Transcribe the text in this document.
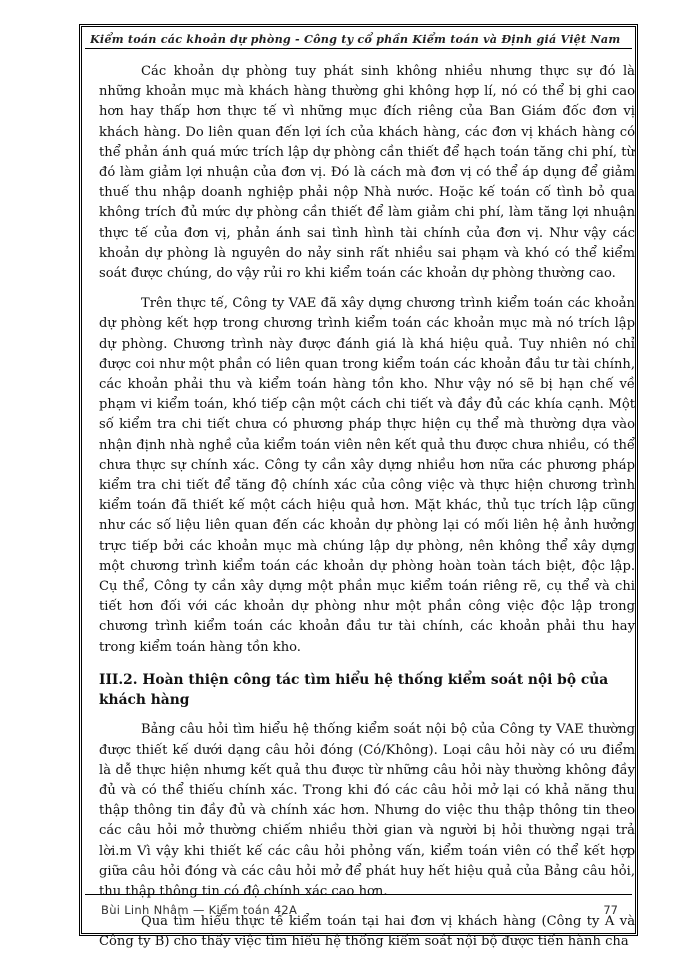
Kiểm toán các khoản dự phòng - Công ty cổ phần Kiểm toán và Định giá Việt Nam

Các khoản dự phòng tuy phát sinh không nhiều nhưng thực sự đó là những khoản mục mà khách hàng thường ghi không hợp lí, nó có thể bị ghi cao hơn hay thấp hơn thực tế vì những mục đích riêng của Ban Giám đốc đơn vị khách hàng. Do liên quan đến lợi ích của khách hàng, các đơn vị khách hàng có thể phản ánh quá mức trích lập dự phòng cần thiết để hạch toán tăng chi phí, từ đó làm giảm lợi nhuận của đơn vị. Đó là cách mà đơn vị có thể áp dụng để giảm thuế thu nhập doanh nghiệp phải nộp Nhà nước. Hoặc kế toán cố tình bỏ qua không trích đủ mức dự phòng cần thiết để làm giảm chi phí, làm tăng lợi nhuận thực tế của đơn vị, phản ánh sai tình hình tài chính của đơn vị. Như vậy các khoản dự phòng là nguyên do nảy sinh rất nhiều sai phạm và khó có thể kiểm soát được chúng, do vậy rủi ro khi kiểm toán các khoản dự phòng thường cao.

Trên thực tế, Công ty VAE đã xây dựng chương trình kiểm toán các khoản dự phòng kết hợp trong chương trình kiểm toán các khoản mục mà nó trích lập dự phòng. Chương trình này được đánh giá là khá hiệu quả. Tuy nhiên nó chỉ được coi như một phần có liên quan trong kiểm toán các khoản đầu tư tài chính, các khoản phải thu và kiểm toán hàng tồn kho. Như vậy nó sẽ bị hạn chế về phạm vi kiểm toán, khó tiếp cận một cách chi tiết và đầy đủ các khía cạnh. Một số kiểm tra chi tiết chưa có phương pháp thực hiện cụ thể mà thường dựa vào nhận định nhà nghề của kiểm toán viên nên kết quả thu được chưa nhiều, có thể chưa thực sự chính xác. Công ty cần xây dựng nhiều hơn nữa các phương pháp kiểm tra chi tiết để tăng độ chính xác của công việc và thực hiện chương trình kiểm toán đã thiết kế một cách hiệu quả hơn. Mặt khác, thủ tục trích lập cũng như các số liệu liên quan đến các khoản dự phòng lại có mối liên hệ ảnh hưởng trực tiếp bởi các khoản mục mà chúng lập dự phòng, nên không thể xây dựng một chương trình kiểm toán các khoản dự phòng hoàn toàn tách biệt, độc lập. Cụ thể, Công ty cần xây dựng một phần mục kiểm toán riêng rẽ, cụ thể và chi tiết hơn đối với các khoản dự phòng như một phần công việc độc lập trong chương trình kiểm toán các khoản đầu tư tài chính, các khoản phải thu hay trong kiểm toán hàng tồn kho.

III.2. Hoàn thiện công tác tìm hiểu hệ thống kiểm soát nội bộ của khách hàng

Bảng câu hỏi tìm hiểu hệ thống kiểm soát nội bộ của Công ty VAE thường được thiết kế dưới dạng câu hỏi đóng (Có/Không). Loại câu hỏi này có ưu điểm là dễ thực hiện nhưng kết quả thu được từ những câu hỏi này thường không đầy đủ và có thể thiếu chính xác. Trong khi đó các câu hỏi mở lại có khả năng thu thập thông tin đầy đủ và chính xác hơn. Nhưng do việc thu thập thông tin theo các câu hỏi mở thường chiếm nhiều thời gian và người bị hỏi thường ngại trả lời.m Vì vậy khi thiết kế các câu hỏi phỏng vấn, kiểm toán viên có thể kết hợp giữa câu hỏi đóng và các câu hỏi mở để phát huy hết hiệu quả của Bảng câu hỏi, thu thập thông tin có độ chính xác cao hơn.

Qua tìm hiểu thực tế kiểm toán tại hai đơn vị khách hàng (Công ty A và Công ty B) cho thấy việc tìm hiểu hệ thống kiểm soát nội bộ được tiến hành cha

Bùi Linh Nhâm — Kiểm toán 42A	77
